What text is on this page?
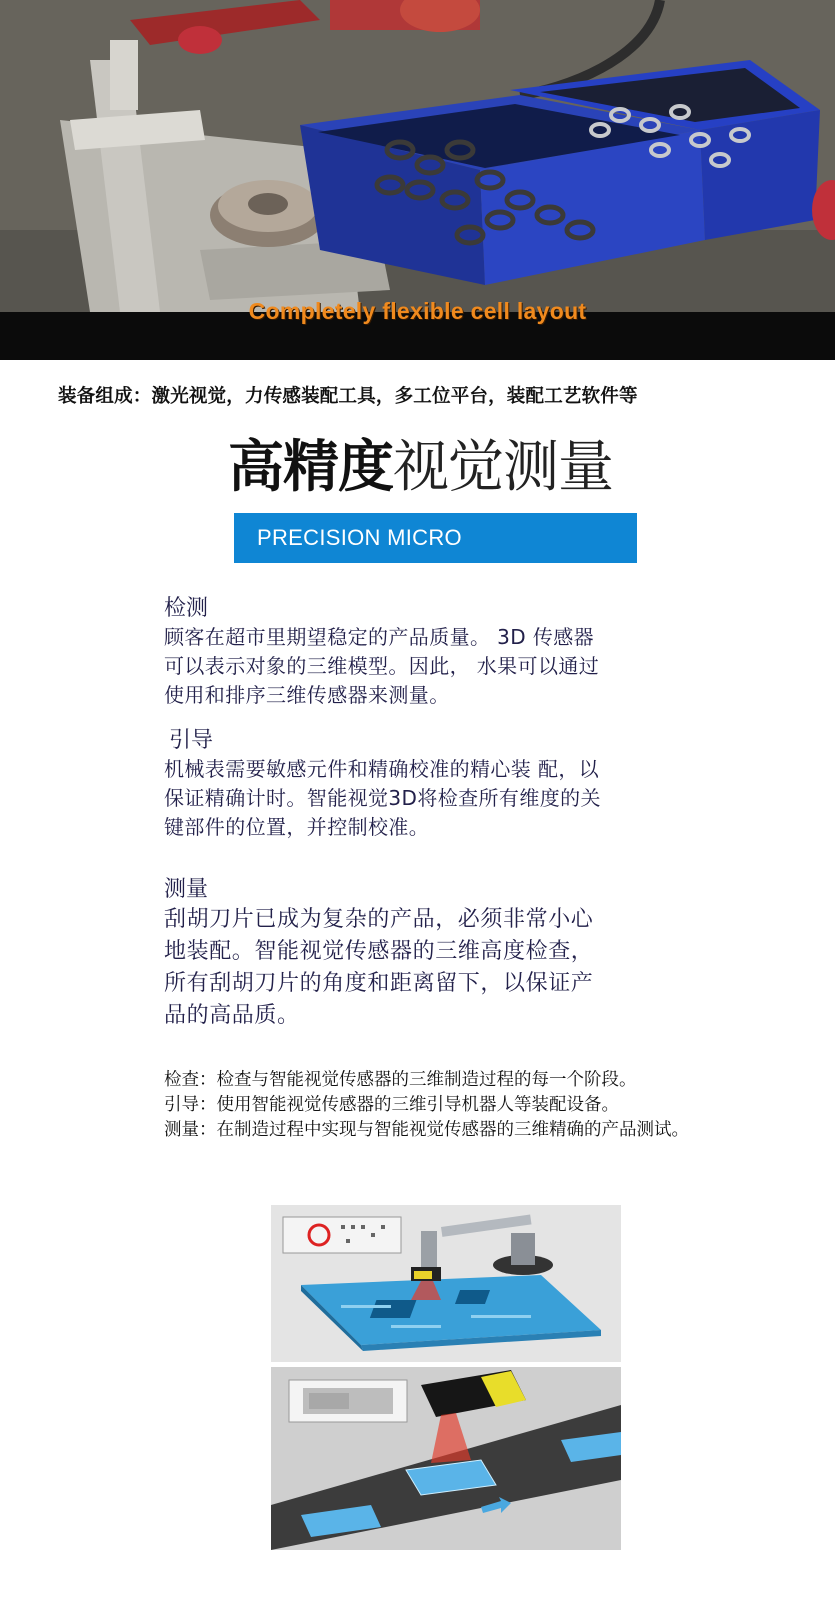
Completely flexible cell layout
装备组成：激光视觉，力传感装配工具，多工位平台，装配工艺软件等
高精度视觉测量
PRECISION MICRO
检测
顾客在超市里期望稳定的产品质量。 3D 传感器
可以表示对象的三维模型。因此， 水果可以通过
使用和排序三维传感器来测量。
引导
机械表需要敏感元件和精确校准的精心装 配，以
保证精确计时。智能视觉3D将检查所有维度的关
键部件的位置，并控制校准。
测量
刮胡刀片已成为复杂的产品，必须非常小心
地装配。智能视觉传感器的三维高度检查，
所有刮胡刀片的角度和距离留下，以保证产
品的高品质。
检查：检查与智能视觉传感器的三维制造过程的每一个阶段。
引导：使用智能视觉传感器的三维引导机器人等装配设备。
测量：在制造过程中实现与智能视觉传感器的三维精确的产品测试。
